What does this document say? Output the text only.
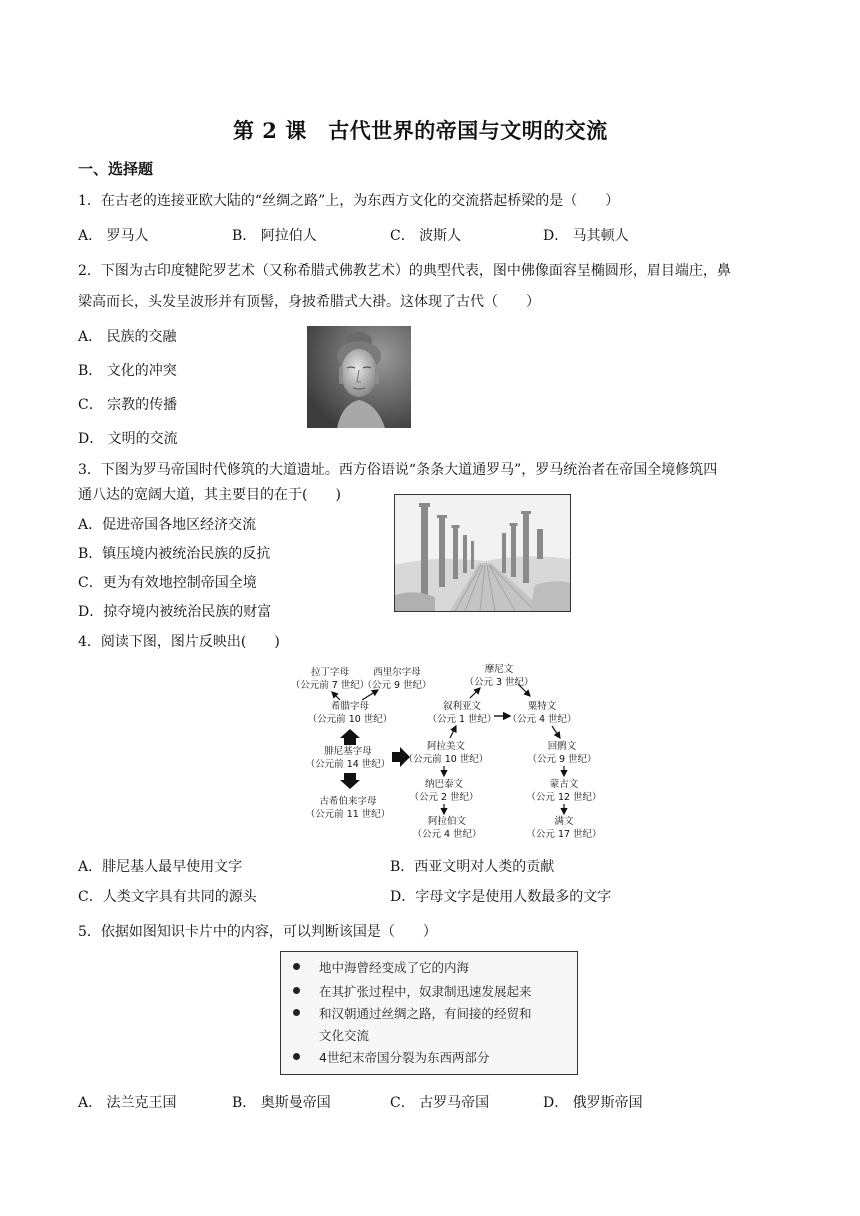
第 2 课　古代世界的帝国与文明的交流
一、选择题
1．在古老的连接亚欧大陆的“丝绸之路”上，为东西方文化的交流搭起桥梁的是（　　）
A． 罗马人	B． 阿拉伯人	C． 波斯人	D． 马其顿人
2．下图为古印度犍陀罗艺术（又称希腊式佛教艺术）的典型代表，图中佛像面容呈椭圆形，眉目端庄，鼻
梁高而长，头发呈波形并有顶髻，身披希腊式大褂。这体现了古代（　　）
A． 民族的交融
B． 文化的冲突
C． 宗教的传播
D． 文明的交流
3．下图为罗马帝国时代修筑的大道遗址。西方俗语说“条条大道通罗马”，罗马统治者在帝国全境修筑四
通八达的宽阔大道，其主要目的在于(　　)
A．促进帝国各地区经济交流
B．镇压境内被统治民族的反抗
C．更为有效地控制帝国全境
D．掠夺境内被统治民族的财富
4．阅读下图，图片反映出(　　)
拉丁字母
（公元前 7 世纪）
西里尔字母
（公元 9 世纪）
希腊字母
（公元前 10 世纪）
腓尼基字母
（公元前 14 世纪）
古希伯来字母
（公元前 11 世纪）
摩尼文
（公元 3 世纪）
叙利亚文
（公元 1 世纪）
粟特文
（公元 4 世纪）
阿拉美文
（公元前 10 世纪）
回鹘文
（公元 9 世纪）
纳巴泰文
（公元 2 世纪）
蒙古文
（公元 12 世纪）
阿拉伯文
（公元 4 世纪）
满文
（公元 17 世纪）
A．腓尼基人最早使用文字	B．西亚文明对人类的贡献
C．人类文字具有共同的源头	D．字母文字是使用人数最多的文字
5．依据如图知识卡片中的内容，可以判断该国是（　　）
地中海曾经变成了它的内海
在其扩张过程中，奴隶制迅速发展起来
和汉朝通过丝绸之路，有间接的经贸和
文化交流
4世纪末帝国分裂为东西两部分
A． 法兰克王国	B． 奥斯曼帝国	C． 古罗马帝国	D． 俄罗斯帝国
